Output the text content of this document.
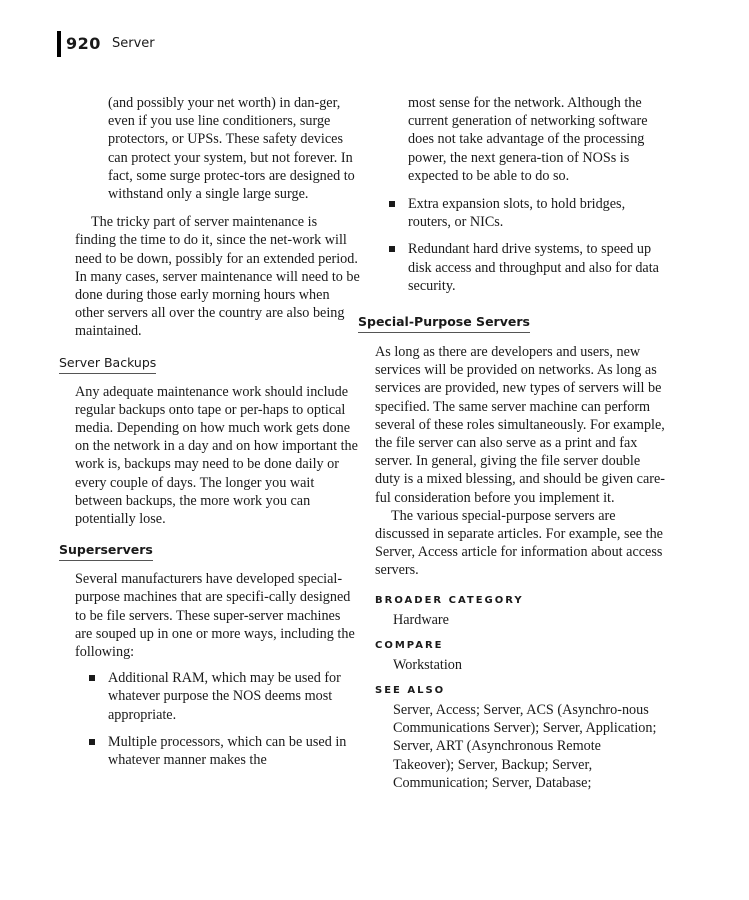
920 Server

(and possibly your net worth) in dan-ger, even if you use line conditioners, surge protectors, or UPSs. These safety devices can protect your system, but not forever. In fact, some surge protec-tors are designed to withstand only a single large surge.

The tricky part of server maintenance is finding the time to do it, since the net-work will need to be down, possibly for an extended period. In many cases, server maintenance will need to be done during those early morning hours when other servers all over the country are also being maintained.

Server Backups

Any adequate maintenance work should include regular backups onto tape or per-haps to optical media. Depending on how much work gets done on the network in a day and on how important the work is, backups may need to be done daily or every couple of days. The longer you wait between backups, the more work you can potentially lose.

Superservers

Several manufacturers have developed special-purpose machines that are specifi-cally designed to be file servers. These super-server machines are souped up in one or more ways, including the following:

Additional RAM, which may be used for whatever purpose the NOS deems most appropriate.
Multiple processors, which can be used in whatever manner makes the

most sense for the network. Although the current generation of networking software does not take advantage of the processing power, the next genera-tion of NOSs is expected to be able to do so.

Extra expansion slots, to hold bridges, routers, or NICs.
Redundant hard drive systems, to speed up disk access and throughput and also for data security.
Special-Purpose Servers

As long as there are developers and users, new services will be provided on networks. As long as services are provided, new types of servers will be specified. The same server machine can perform several of these roles simultaneously. For example, the file server can also serve as a print and fax server. In general, giving the file server double duty is a mixed blessing, and should be given care-ful consideration before you implement it.

The various special-purpose servers are discussed in separate articles. For example, see the Server, Access article for information about access servers.

BROADER CATEGORY
Hardware
COMPARE
Workstation
SEE ALSO
Server, Access; Server, ACS (Asynchro-nous Communications Server); Server, Application; Server, ART (Asynchronous Remote Takeover); Server, Backup; Server, Communication; Server, Database;
